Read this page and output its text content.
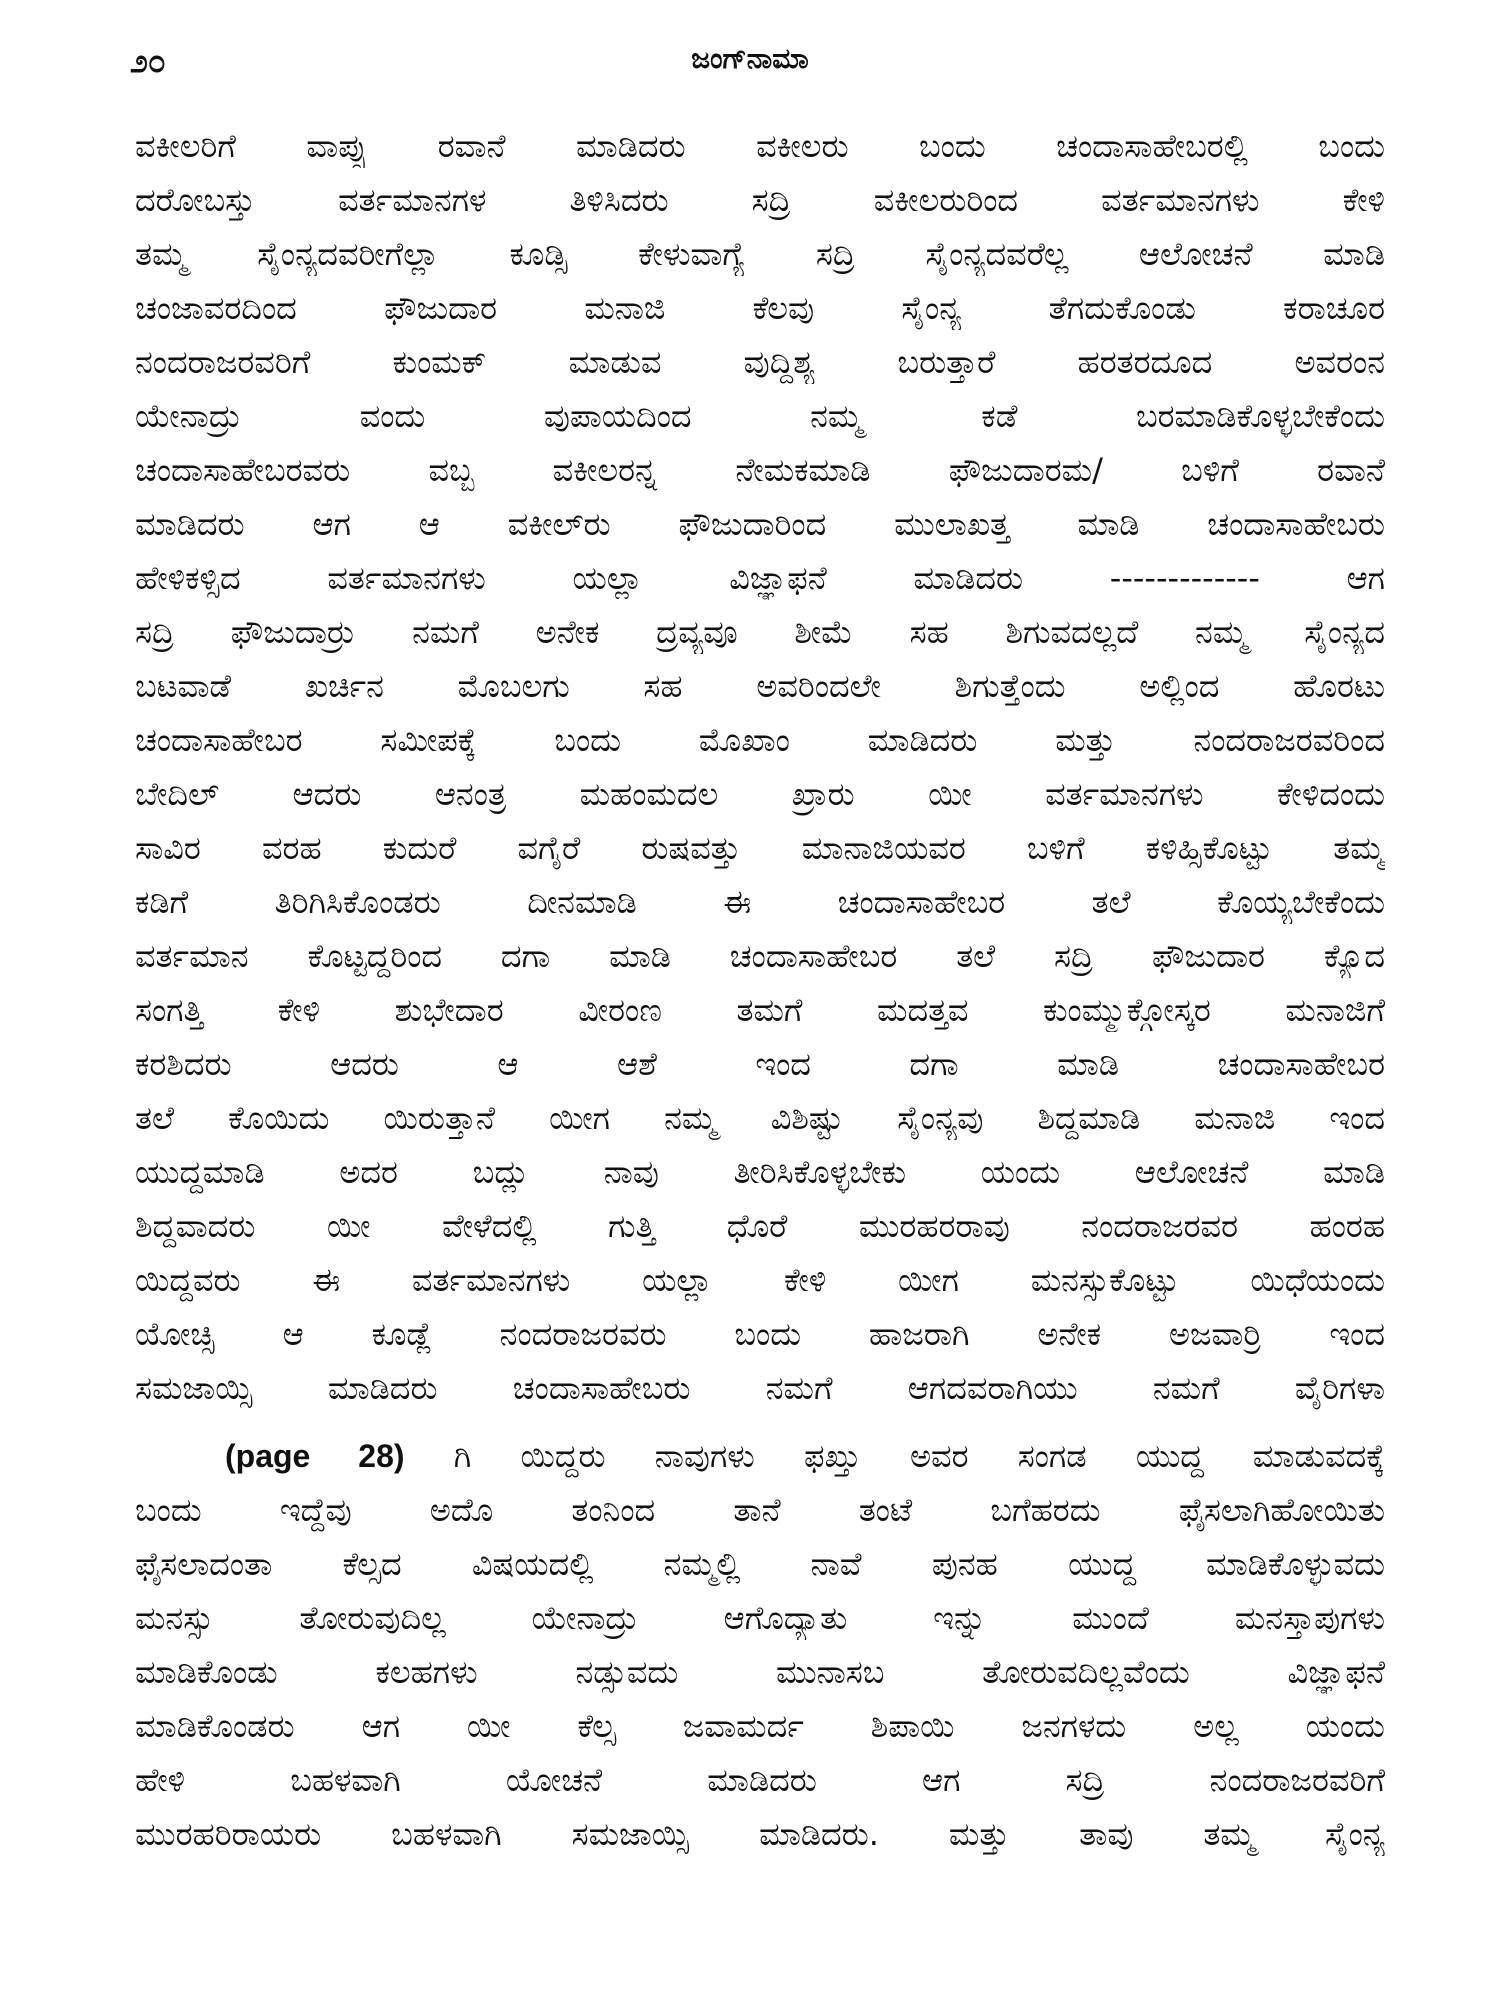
೨೦	ಜಂಗ್‌ನಾಮಾ
ವಕೀಲರಿಗೆ ವಾಪ್ಸು ರವಾನೆ ಮಾಡಿದರು ವಕೀಲರು ಬಂದು ಚಂದಾಸಾಹೇಬರಲ್ಲಿ ಬಂದು
ದರೋಬಸ್ತು ವರ್ತಮಾನಗಳ ತಿಳಿಸಿದರು ಸದ್ರಿ ವಕೀಲರುರಿಂದ ವರ್ತಮಾನಗಳು ಕೇಳಿ
ತಮ್ಮ ಸೈಂನ್ಯದವರೀಗೆಲ್ಲಾ ಕೂಡ್ಸಿ ಕೇಳುವಾಗ್ಯೆ ಸದ್ರಿ ಸೈಂನ್ಯದವರೆಲ್ಲ ಆಲೋಚನೆ ಮಾಡಿ
ಚಂಜಾವರದಿಂದ ಫೌಜುದಾರ ಮನಾಜಿ ಕೆಲವು ಸೈಂನ್ಯ ತೆಗದುಕೊಂಡು ಕರಾಚೂರ
ನಂದರಾಜರವರಿಗೆ ಕುಂಮಕ್ ಮಾಡುವ ವುದ್ದಿಶ್ಯ ಬರುತ್ತಾರೆ ಹರತರದೂದ ಅವರಂನ
ಯೇನಾದ್ರು ವಂದು ವುಪಾಯದಿಂದ ನಮ್ಮ ಕಡೆ ಬರಮಾಡಿಕೊಳ್ಳಬೇಕೆಂದು
ಚಂದಾಸಾಹೇಬರವರು ವಬ್ಬ ವಕೀಲರನ್ನ ನೇಮಕಮಾಡಿ ಫೌಜುದಾರಮ/ ಬಳಿಗೆ ರವಾನೆ
ಮಾಡಿದರು ಆಗ ಆ ವಕೀಲ್‌ರು ಫೌಜುದಾರಿಂದ ಮುಲಾಖತ್ತ ಮಾಡಿ ಚಂದಾಸಾಹೇಬರು
ಹೇಳಿಕಳ್ಸಿದ ವರ್ತಮಾನಗಳು ಯಲ್ಲಾ ವಿಜ್ಞಾಫನೆ ಮಾಡಿದರು ------------- ಆಗ
ಸದ್ರಿ ಫೌಜುದಾರ್‍ರು ನಮಗೆ ಅನೇಕ ದ್ರವ್ಯವೂ ಶೀಮೆ ಸಹ ಶಿಗುವದಲ್ಲದೆ ನಮ್ಮ ಸೈಂನ್ಯದ
ಬಟವಾಡೆ ಖರ್ಚಿನ ಮೊಬಲಗು ಸಹ ಅವರಿಂದಲೇ ಶಿಗುತ್ತೆಂದು ಅಲ್ಲಿಂದ ಹೊರಟು
ಚಂದಾಸಾಹೇಬರ ಸಮೀಪಕ್ಕೆ ಬಂದು ಮೊಖಾಂ ಮಾಡಿದರು ಮತ್ತು ನಂದರಾಜರವರಿಂದ
ಬೇದಿಲ್ ಆದರು ಆನಂತ್ರ ಮಹಂಮದಲ ಖ್ರಾರು ಯೀ ವರ್ತಮಾನಗಳು ಕೇಳಿದಂದು
ಸಾವಿರ ವರಹ ಕುದುರೆ ವಗೈರೆ ರುಷವತ್ತು ಮಾನಾಜಿಯವರ ಬಳಿಗೆ ಕಳಿಹ್ಸಿಕೊಟ್ಟು ತಮ್ಮ
ಕಡಿಗೆ ತಿರಿಗಿಸಿಕೊಂಡರು ದೀನಮಾಡಿ ಈ ಚಂದಾಸಾಹೇಬರ ತಲೆ ಕೊಯ್ಯಬೇಕೆಂದು
ವರ್ತಮಾನ ಕೊಟ್ಟದ್ದರಿಂದ ದಗಾ ಮಾಡಿ ಚಂದಾಸಾಹೇಬರ ತಲೆ ಸದ್ರಿ ಫೌಜುದಾರ ಕ್ಯೊದ
ಸಂಗತ್ತಿ ಕೇಳಿ ಶುಭೇದಾರ ವೀರಂಣ ತಮಗೆ ಮದತ್ತವ ಕುಂಮ್ಮುಕ್ಗೋಸ್ಕರ ಮನಾಜಿಗೆ
ಕರಶಿದರು ಆದರು ಆ ಆಶೆ ಇಂದ ದಗಾ ಮಾಡಿ ಚಂದಾಸಾಹೇಬರ
ತಲೆ ಕೊಯಿದು ಯಿರುತ್ತಾನೆ ಯೀಗ ನಮ್ಮ ವಿಶಿಷ್ಟು ಸೈಂನ್ಯವು ಶಿದ್ಧಮಾಡಿ ಮನಾಜಿ ಇಂದ
ಯುದ್ಧಮಾಡಿ ಅದರ ಬದ್ಲು ನಾವು ತೀರಿಸಿಕೊಳ್ಳಬೇಕು ಯಂದು ಆಲೋಚನೆ ಮಾಡಿ
ಶಿದ್ಧವಾದರು ಯೀ ವೇಳೆದಲ್ಲಿ ಗುತ್ತಿ ಧೊರೆ ಮುರಹರರಾವು ನಂದರಾಜರವರ ಹಂರಹ
ಯಿದ್ದವರು ಈ ವರ್ತಮಾನಗಳು ಯಲ್ಲಾ ಕೇಳಿ ಯೀಗ ಮನಸ್ಸುಕೊಟ್ಟು ಯಿಧೆಯಂದು
ಯೋಚ್ಸಿ ಆ ಕೂಡ್ಲೆ ನಂದರಾಜರವರು ಬಂದು ಹಾಜರಾಗಿ ಅನೇಕ ಅಜವಾರ್‍ರಿ ಇಂದ
ಸಮಜಾಯ್ಸಿ ಮಾಡಿದರು ಚಂದಾಸಾಹೇಬರು ನಮಗೆ ಆಗದವರಾಗಿಯು ನಮಗೆ ವೈರಿಗಳಾ
(page 28) ಗಿ ಯಿದ್ದರು ನಾವುಗಳು ಫಖ್ತು ಅವರ ಸಂಗಡ ಯುದ್ಧ ಮಾಡುವದಕ್ಕೆ
ಬಂದು ಇದ್ದೆವು ಅದೊ ತಂನಿಂದ ತಾನೆ ತಂಟೆ ಬಗೆಹರದು ಫೈಸಲಾಗಿಹೋಯಿತು
ಫೈಸಲಾದಂತಾ ಕೆಲ್ಸದ ವಿಷಯದಲ್ಲಿ ನಮ್ಮಲ್ಲಿ ನಾವೆ ಪುನಹ ಯುದ್ಧ ಮಾಡಿಕೊಳ್ಳುವದು
ಮನಸ್ಸು ತೋರುವುದಿಲ್ಲ ಯೇನಾದ್ರು ಆಗೊದ್ಯಾತು ಇನ್ನು ಮುಂದೆ ಮನಸ್ತಾಪುಗಳು
ಮಾಡಿಕೊಂಡು ಕಲಹಗಳು ನಡ್ಸುವದು ಮುನಾಸಬ ತೋರುವದಿಲ್ಲವೆಂದು ವಿಜ್ಞಾಫನೆ
ಮಾಡಿಕೊಂಡರು ಆಗ ಯೀ ಕೆಲ್ಸ ಜವಾಮರ್ದ ಶಿಪಾಯಿ ಜನಗಳದು ಅಲ್ಲ ಯಂದು
ಹೇಳಿ ಬಹಳವಾಗಿ ಯೋಚನೆ ಮಾಡಿದರು ಆಗ ಸದ್ರಿ ನಂದರಾಜರವರಿಗೆ
ಮುರಹರಿರಾಯರು ಬಹಳವಾಗಿ ಸಮಜಾಯ್ಸಿ ಮಾಡಿದರು. ಮತ್ತು ತಾವು ತಮ್ಮ ಸೈಂನ್ಯ
